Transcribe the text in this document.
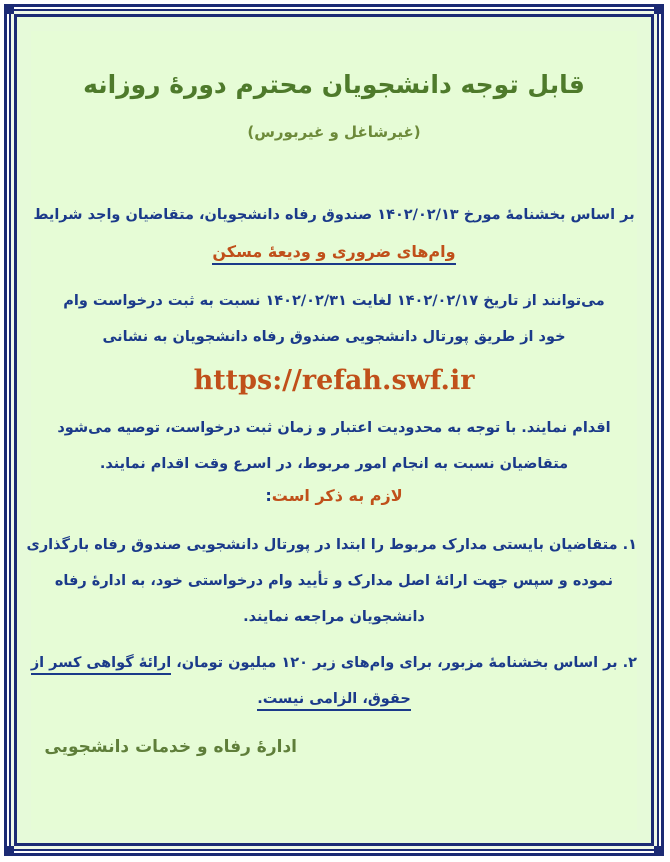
قابل توجه دانشجویان محترم دورهٔ روزانه
(غیرشاغل و غیربورس)
بر اساس بخشنامهٔ مورخ ۱۴۰۲/۰۲/۱۳ صندوق رفاه دانشجویان، متقاضیان واجد شرایط
وام‌های ضروری و ودیعهٔ مسکن
می‌توانند از تاریخ ۱۴۰۲/۰۲/۱۷ لغایت ۱۴۰۲/۰۲/۳۱ نسبت به ثبت درخواست وام
خود از طریق پورتال دانشجویی صندوق رفاه دانشجویان به نشانی
https://refah.swf.ir
اقدام نمایند. با توجه به محدودیت اعتبار و زمان ثبت درخواست، توصیه می‌شود
متقاضیان نسبت به انجام امور مربوط، در اسرع وقت اقدام نمایند.
لازم به ذکر است:
۱. متقاضیان بایستی مدارک مربوط را ابتدا در پورتال دانشجویی صندوق رفاه بارگذاری
نموده و سپس جهت ارائهٔ اصل مدارک و تأیید وام درخواستی خود، به ادارهٔ رفاه
دانشجویان مراجعه نمایند.
۲. بر اساس بخشنامهٔ مزبور، برای وام‌های زیر ۱۲۰ میلیون تومان، ارائهٔ گواهی کسر از
حقوق، الزامی نیست.
ادارهٔ رفاه و خدمات دانشجویی
